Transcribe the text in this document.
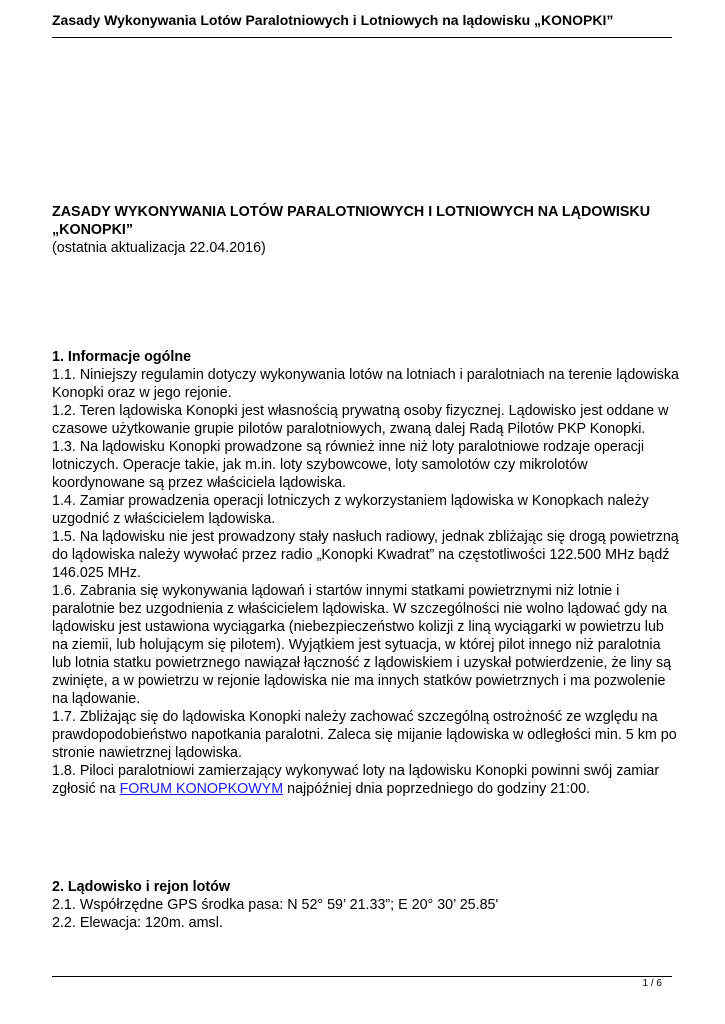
Zasady Wykonywania Lotów Paralotniowych i Lotniowych na lądowisku „KONOPKI”
ZASADY WYKONYWANIA LOTÓW PARALOTNIOWYCH I LOTNIOWYCH NA LĄDOWISKU „KONOPKI”
(ostatnia aktualizacja 22.04.2016)
1. Informacje ogólne

1.1. Niniejszy regulamin dotyczy wykonywania lotów na lotniach i paralotniach na terenie lądowiska Konopki oraz w jego rejonie.

1.2. Teren lądowiska Konopki jest własnością prywatną osoby fizycznej. Lądowisko jest oddane w czasowe użytkowanie grupie pilotów paralotniowych, zwaną dalej Radą Pilotów PKP Konopki.

1.3. Na lądowisku Konopki prowadzone są również inne niż loty paralotniowe rodzaje operacji lotniczych. Operacje takie, jak m.in. loty szybowcowe, loty samolotów czy mikrolotów koordynowane są przez właściciela lądowiska.

1.4. Zamiar prowadzenia operacji lotniczych z wykorzystaniem lądowiska w Konopkach należy uzgodnić z właścicielem lądowiska.

1.5. Na lądowisku nie jest prowadzony stały nasłuch radiowy, jednak zbliżając się drogą powietrzną do lądowiska należy wywołać przez radio „Konopki Kwadrat” na częstotliwości 122.500 MHz bądź 146.025 MHz.

1.6. Zabrania się wykonywania lądowań i startów innymi statkami powietrznymi niż lotnie i paralotnie bez uzgodnienia z właścicielem lądowiska. W szczególności nie wolno lądować gdy na lądowisku jest ustawiona wyciągarka (niebezpieczeństwo kolizji z liną wyciągarki w powietrzu lub na ziemii, lub holującym się pilotem). Wyjątkiem jest sytuacja, w której pilot innego niż paralotnia lub lotnia statku powietrznego nawiązał łączność z lądowiskiem i uzyskał potwierdzenie, że liny są zwinięte, a w powietrzu w rejonie lądowiska nie ma innych statków powietrznych i ma pozwolenie na lądowanie.

1.7. Zbliżając się do lądowiska Konopki należy zachować szczególną ostrożność ze względu na prawdopodobieństwo napotkania paralotni. Zaleca się mijanie lądowiska w odległości min. 5 km po stronie nawietrznej lądowiska.

1.8. Piloci paralotniowi zamierzający wykonywać loty na lądowisku Konopki powinni swój zamiar zgłosić na FORUM KONOPKOWYM najpóźniej dnia poprzedniego do godziny 21:00.

2. Lądowisko i rejon lotów

2.1. Współrzędne GPS środka pasa: N 52° 59’ 21.33”; E 20° 30’ 25.85'

2.2. Elewacja: 120m. amsl.

1 / 6
